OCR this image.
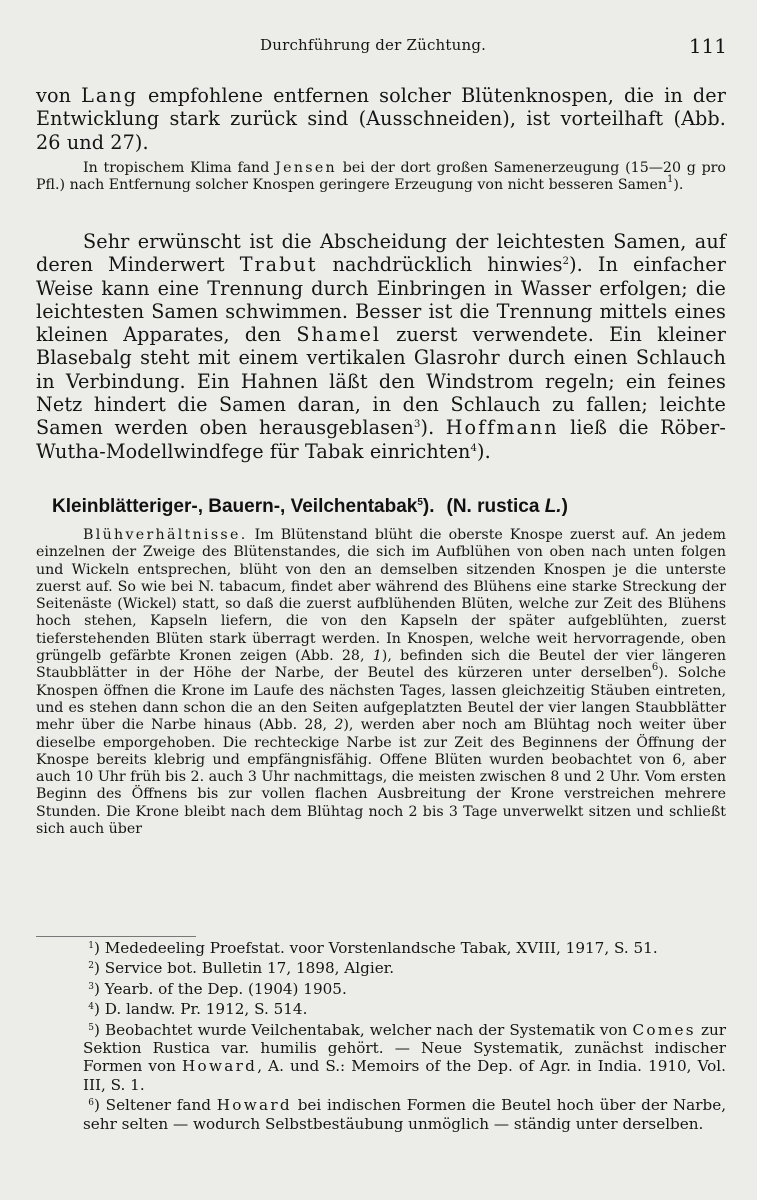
Durchführung der Züchtung.	111

von Lang empfohlene entfernen solcher Blütenknospen, die in der Entwicklung stark zurück sind (Ausschneiden), ist vorteilhaft (Abb. 26 und 27).

In tropischem Klima fand Jensen bei der dort großen Samenerzeugung (15—20 g pro Pfl.) nach Entfernung solcher Knospen geringere Erzeugung von nicht besseren Samen$^1$).

Sehr erwünscht ist die Abscheidung der leichtesten Samen, auf deren Minderwert Trabut nachdrücklich hinwies$^2$). In einfacher Weise kann eine Trennung durch Einbringen in Wasser erfolgen; die leichtesten Samen schwimmen. Besser ist die Trennung mittels eines kleinen Apparates, den Shamel zuerst verwendete. Ein kleiner Blasebalg steht mit einem vertikalen Glasrohr durch einen Schlauch in Verbindung. Ein Hahnen läßt den Windstrom regeln; ein feines Netz hindert die Samen daran, in den Schlauch zu fallen; leichte Samen werden oben herausgeblasen$^3$). Hoffmann ließ die Röber-Wutha-Modellwindfege für Tabak einrichten$^4$).

Kleinblätteriger-, Bauern-, Veilchentabak$^5$). (N. rustica L.)

Blühverhältnisse. Im Blütenstand blüht die oberste Knospe zuerst auf. An jedem einzelnen der Zweige des Blütenstandes, die sich im Aufblühen von oben nach unten folgen und Wickeln entsprechen, blüht von den an demselben sitzenden Knospen je die unterste zuerst auf. So wie bei N. tabacum, findet aber während des Blühens eine starke Streckung der Seitenäste (Wickel) statt, so daß die zuerst aufblühenden Blüten, welche zur Zeit des Blühens hoch stehen, Kapseln liefern, die von den Kapseln der später aufgeblühten, zuerst tieferstehenden Blüten stark überragt werden. In Knospen, welche weit hervorragende, oben grüngelb gefärbte Kronen zeigen (Abb. 28, 1), befinden sich die Beutel der vier längeren Staubblätter in der Höhe der Narbe, der Beutel des kürzeren unter derselben$^6$). Solche Knospen öffnen die Krone im Laufe des nächsten Tages, lassen gleichzeitig Stäuben eintreten, und es stehen dann schon die an den Seiten aufgeplatzten Beutel der vier langen Staubblätter mehr über die Narbe hinaus (Abb. 28, 2), werden aber noch am Blühtag noch weiter über dieselbe emporgehoben. Die rechteckige Narbe ist zur Zeit des Beginnens der Öffnung der Knospe bereits klebrig und empfängnisfähig. Offene Blüten wurden beobachtet von 6, aber auch 10 Uhr früh bis 2. auch 3 Uhr nachmittags, die meisten zwischen 8 und 2 Uhr. Vom ersten Beginn des Öffnens bis zur vollen flachen Ausbreitung der Krone verstreichen mehrere Stunden. Die Krone bleibt nach dem Blühtag noch 2 bis 3 Tage unverwelkt sitzen und schließt sich auch über

1) Mededeeling Proefstat. voor Vorstenlandsche Tabak, XVIII, 1917, S. 51.
2) Service bot. Bulletin 17, 1898, Algier.
3) Yearb. of the Dep. (1904) 1905.
4) D. landw. Pr. 1912, S. 514.
5) Beobachtet wurde Veilchentabak, welcher nach der Systematik von Comes zur Sektion Rustica var. humilis gehört. — Neue Systematik, zunächst indischer Formen von Howard, A. und S.: Memoirs of the Dep. of Agr. in India. 1910, Vol. III, S. 1.
6) Seltener fand Howard bei indischen Formen die Beutel hoch über der Narbe, sehr selten — wodurch Selbstbestäubung unmöglich — ständig unter derselben.
